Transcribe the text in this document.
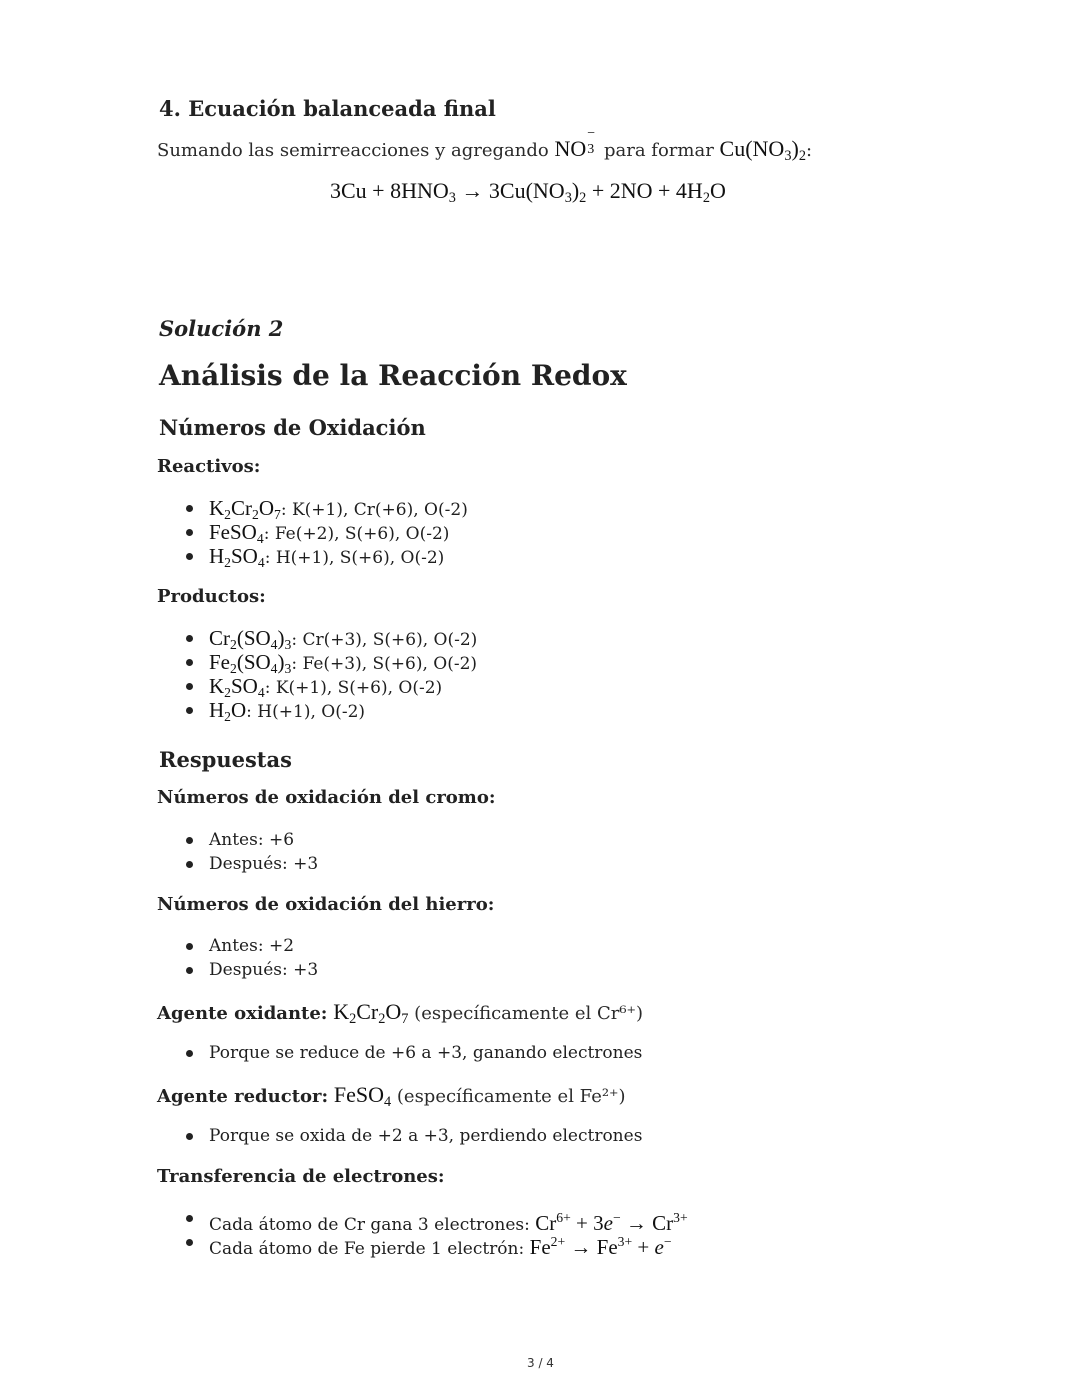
4. Ecuación balanceada final
Sumando las semirreacciones y agregando NO
−
3 para formar $Cu(NO_3)_2$:
$3Cu + 8HNO_3 \to 3Cu(NO_3)_2 + 2NO + 4H_2O$
Solución 2
Análisis de la Reacción Redox
Números de Oxidación
Reactivos:
$K_2Cr_2O_7$: K(+1), Cr(+6), O(-2)
FeSO$_4$: Fe(+2), S(+6), O(-2)
$H_2SO_4$: H(+1), S(+6), O(-2)
Productos:
$Cr_2(SO_4)_3$: Cr(+3), S(+6), O(-2)
$Fe_2(SO_4)_3$: Fe(+3), S(+6), O(-2)
$K_2SO_4$: K(+1), S(+6), O(-2)
$H_2O$: H(+1), O(-2)
Respuestas
Números de oxidación del cromo:
Antes: +6
Después: +3
Números de oxidación del hierro:
Antes: +2
Después: +3
Agente oxidante: $K_2Cr_2O_7$ (específicamente el Cr⁶⁺)
Porque se reduce de +6 a +3, ganando electrones
Agente reductor: FeSO$_4$ (específicamente el Fe²⁺)
Porque se oxida de +2 a +3, perdiendo electrones
Transferencia de electrones:
Cada átomo de Cr gana 3 electrones: $Cr^{6+} + 3e^- \to Cr^{3+}$
Cada átomo de Fe pierde 1 electrón: $Fe^{2+} \to Fe^{3+} + e^-$
3 / 4
